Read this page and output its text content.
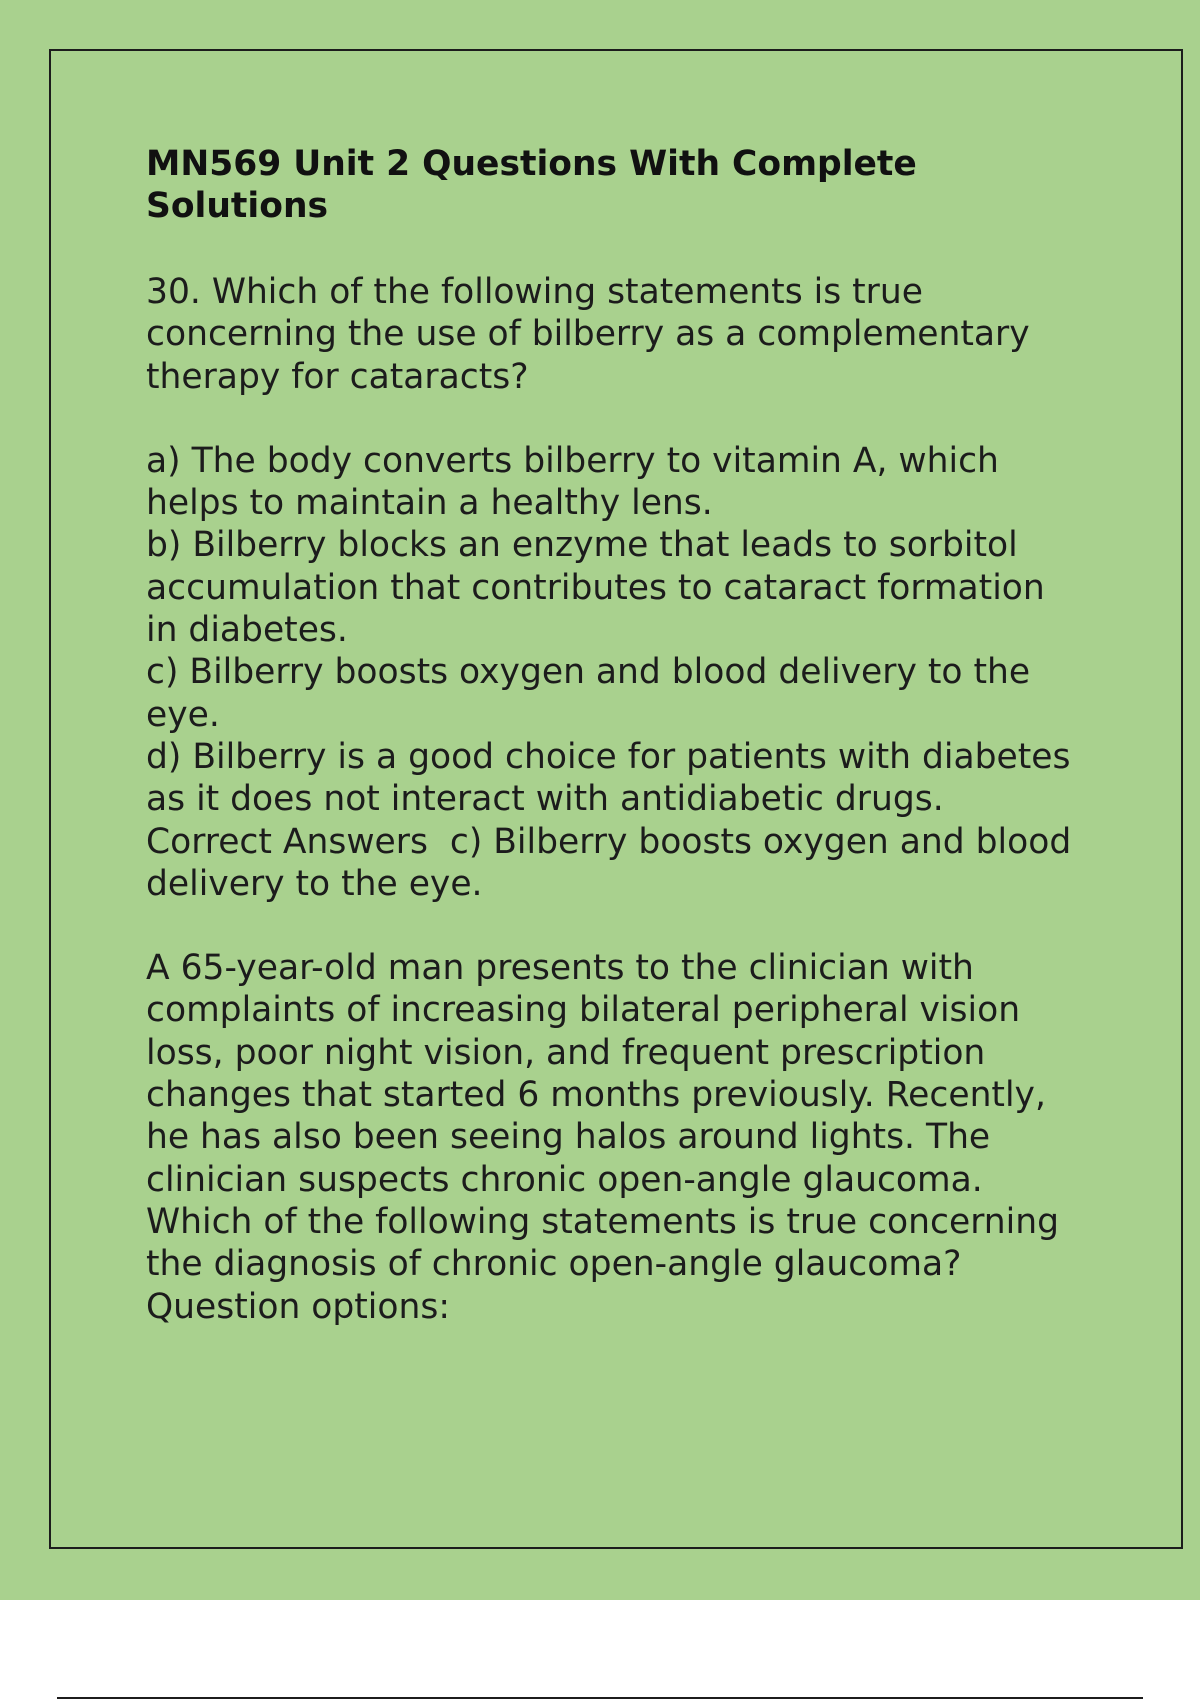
MN569 Unit 2 Questions With Complete Solutions

30. Which of the following statements is true concerning the use of bilberry as a complementary therapy for cataracts?

a) The body converts bilberry to vitamin A, which helps to maintain a healthy lens.
b) Bilberry blocks an enzyme that leads to sorbitol accumulation that contributes to cataract formation in diabetes.
c) Bilberry boosts oxygen and blood delivery to the eye.
d) Bilberry is a good choice for patients with diabetes as it does not interact with antidiabetic drugs.  Correct Answers  c) Bilberry boosts oxygen and blood delivery to the eye.

A 65-year-old man presents to the clinician with complaints of increasing bilateral peripheral vision loss, poor night vision, and frequent prescription changes that started 6 months previously. Recently, he has also been seeing halos around lights. The clinician suspects chronic open-angle glaucoma. Which of the following statements is true concerning the diagnosis of chronic open-angle glaucoma? Question options:
